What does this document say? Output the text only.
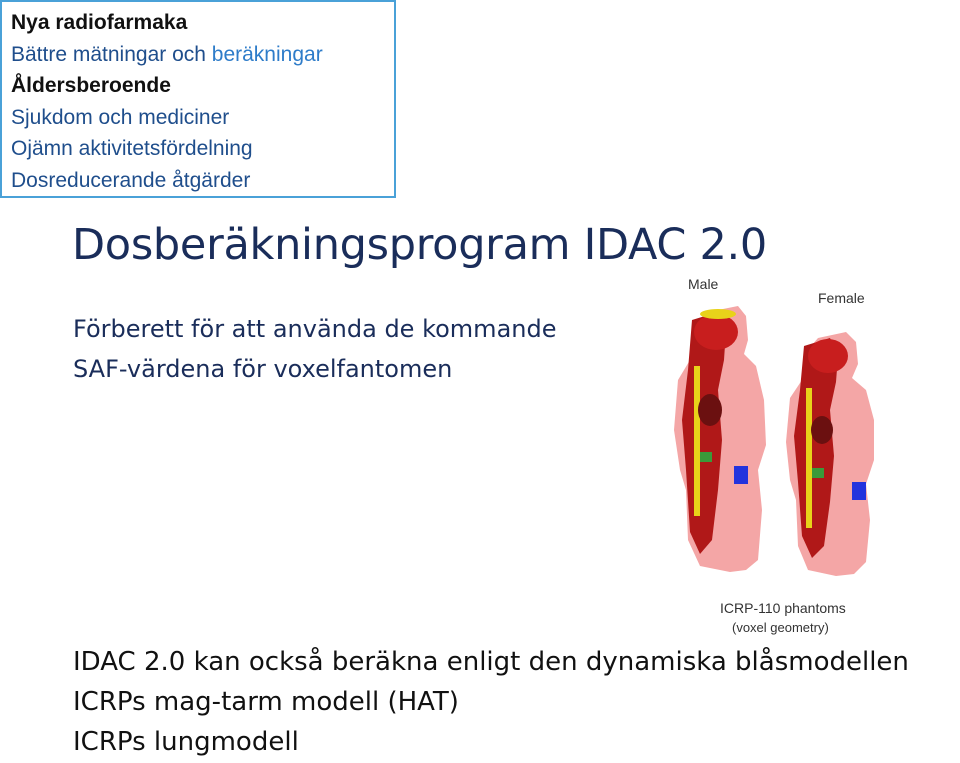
Nya radiofarmaka
Bättre mätningar och beräkningar
Åldersberoende
Sjukdom och mediciner
Ojämn aktivitetsfördelning
Dosreducerande åtgärder
Dosberäkningsprogram IDAC 2.0
Förberett för att använda de kommande
SAF-värdena för voxelfantomen
Male
Female
ICRP-110 phantoms
(voxel geometry)
IDAC 2.0 kan också beräkna enligt den dynamiska blåsmodellen
ICRPs mag-tarm modell (HAT)
ICRPs lungmodell
